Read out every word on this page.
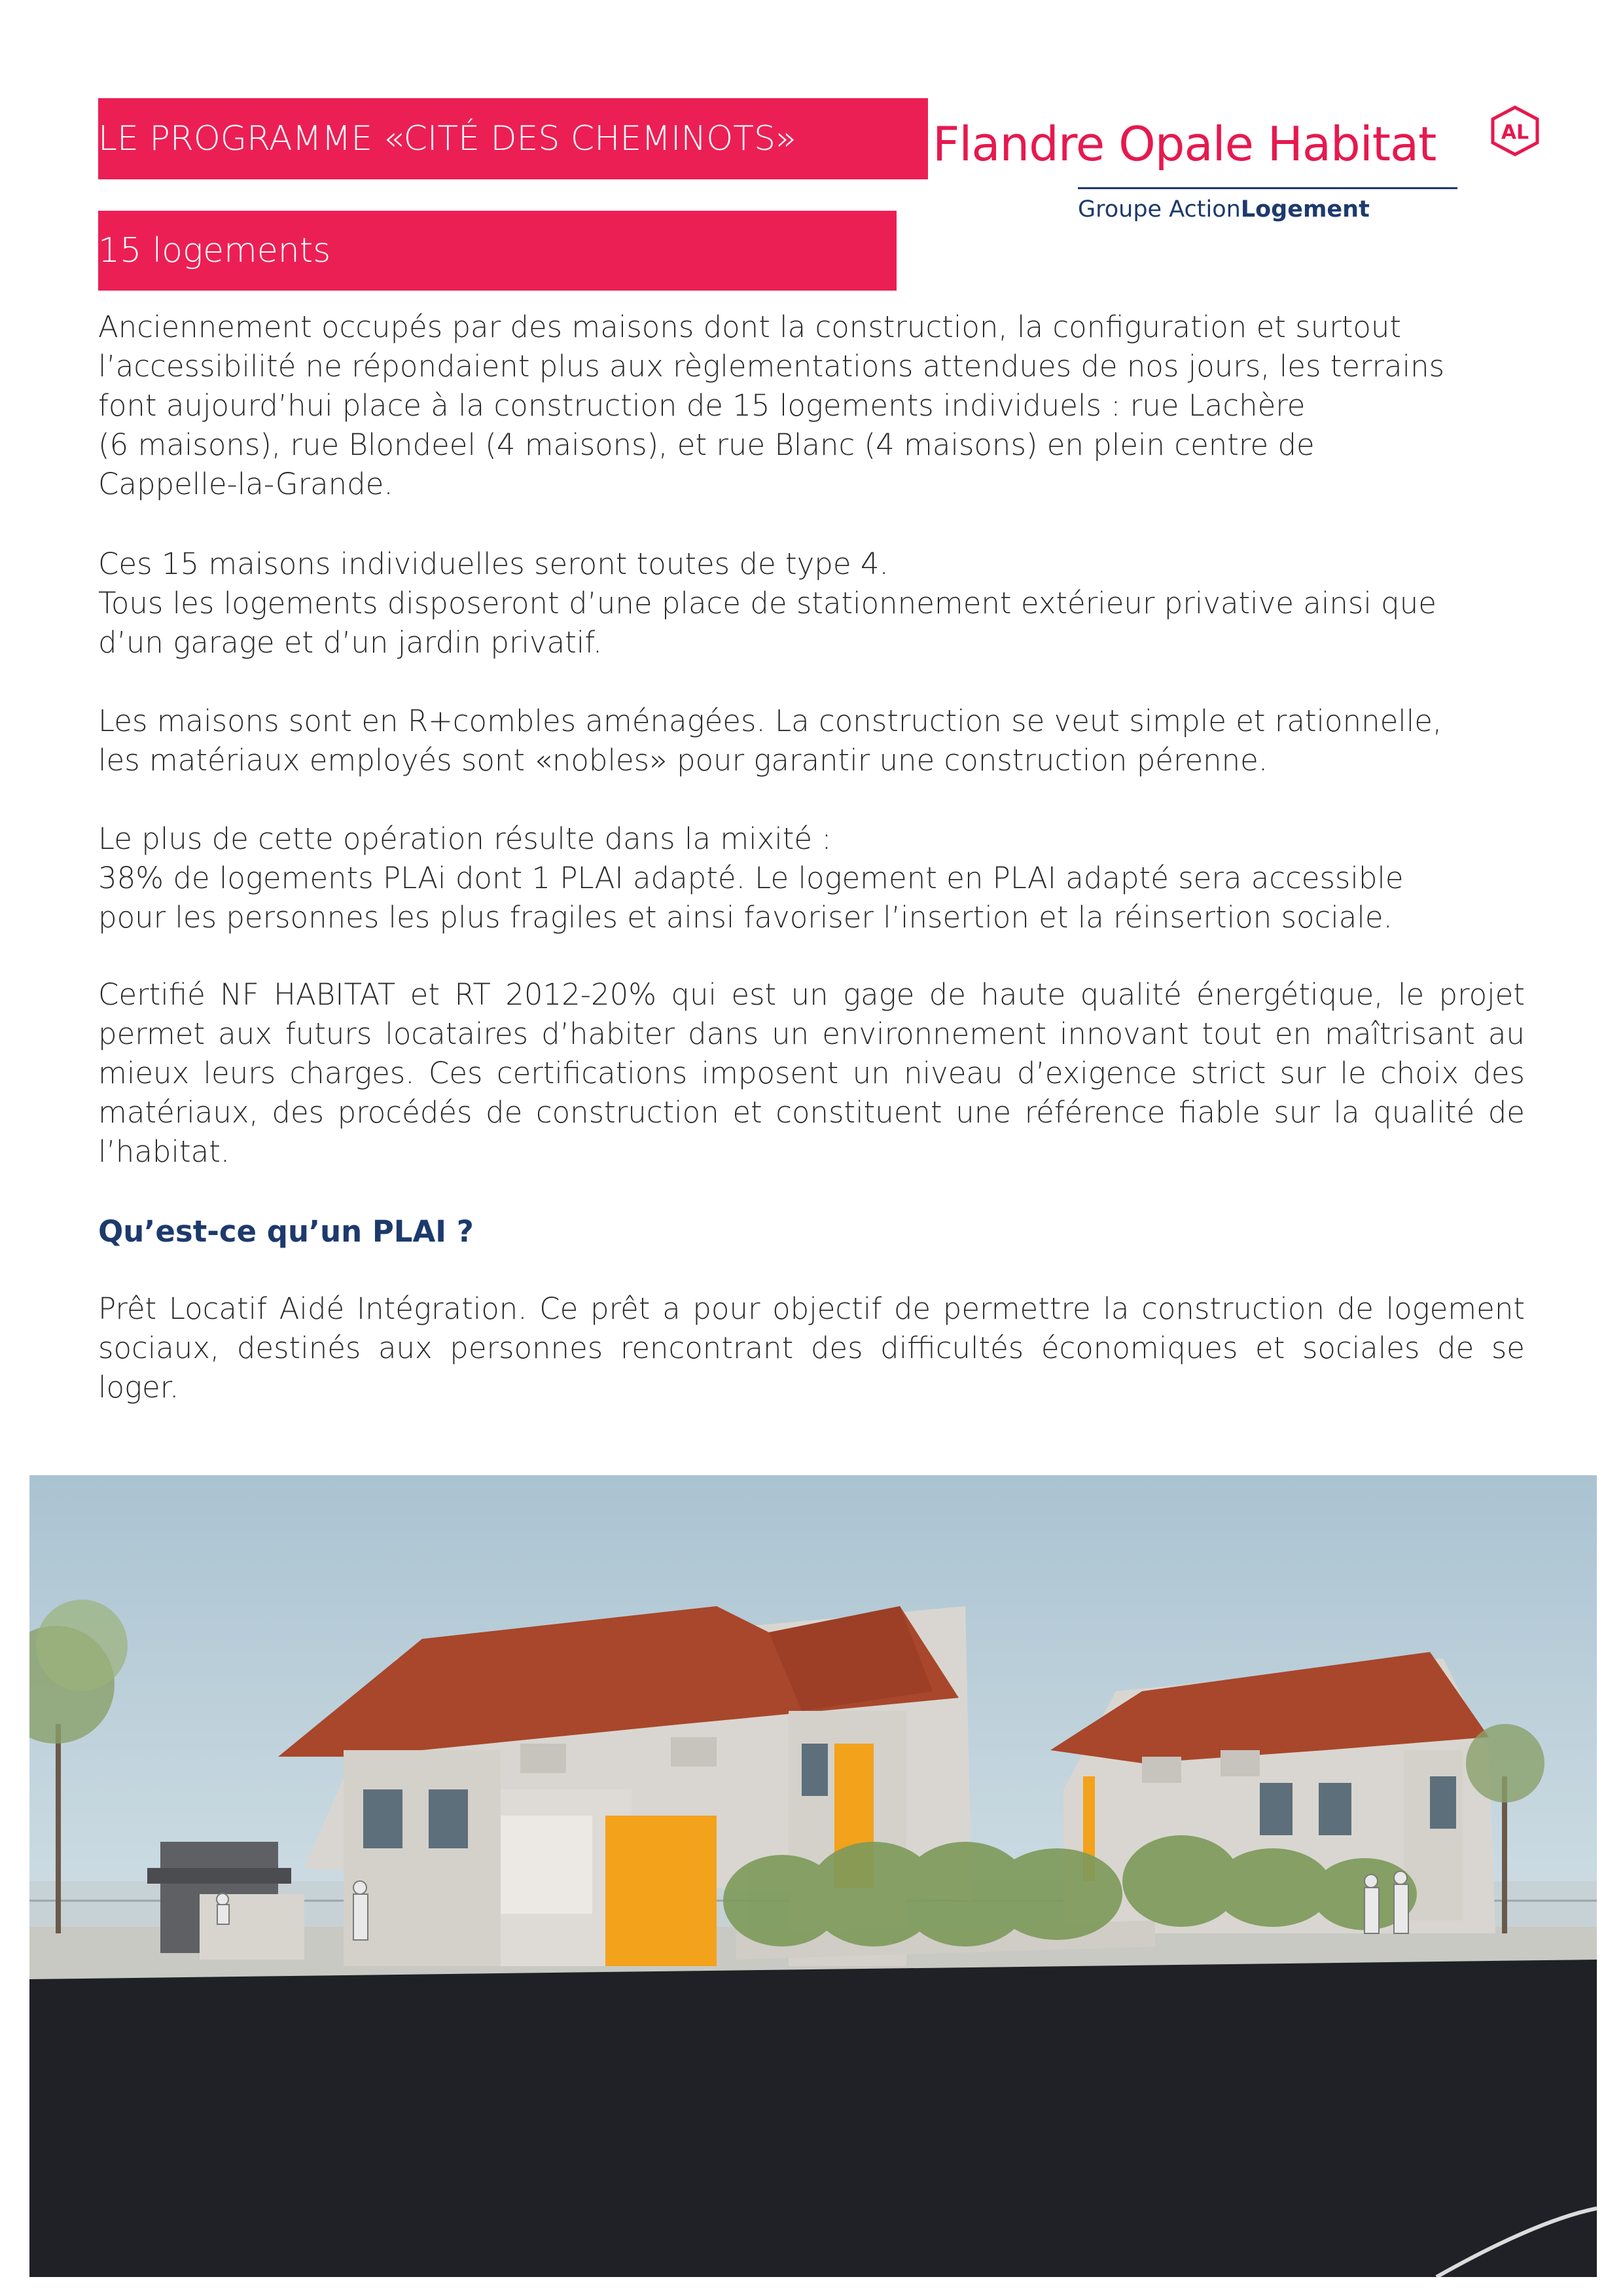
LE PROGRAMME «CITÉ DES CHEMINOTS»
15 logements
Flandre Opale Habitat	AL
Groupe ActionLogement

Anciennement occupés par des maisons dont la construction, la configuration et surtout

l’accessibilité ne répondaient plus aux règlementations attendues de nos jours, les terrains

font aujourd’hui place à la construction de 15 logements individuels : rue Lachère

(6 maisons), rue Blondeel (4 maisons), et rue Blanc (4 maisons) en plein centre de

Cappelle-la-Grande.

Ces 15 maisons individuelles seront toutes de type 4.

Tous les logements disposeront d’une place de stationnement extérieur privative ainsi que

d’un garage et d’un jardin privatif.

Les maisons sont en R+combles aménagées. La construction se veut simple et rationnelle,

les matériaux employés sont «nobles» pour garantir une construction pérenne.

Le plus de cette opération résulte dans la mixité :

38% de logements PLAi dont 1 PLAI adapté. Le logement en PLAI adapté sera accessible

pour les personnes les plus fragiles et ainsi favoriser l’insertion et la réinsertion sociale.

Certifié NF HABITAT et RT 2012-20% qui est un gage de haute qualité énergétique, le projet permet aux futurs locataires d’habiter dans un environnement innovant tout en maîtrisant au mieux leurs charges. Ces certifications imposent un niveau d’exigence strict sur le choix des matériaux, des procédés de construction et constituent une référence fiable sur la qualité de l’habitat.

Qu’est-ce qu’un PLAI ?

Prêt Locatif Aidé Intégration. Ce prêt a pour objectif de permettre la construction de logement sociaux, destinés aux personnes rencontrant des difficultés économiques et sociales de se loger.
